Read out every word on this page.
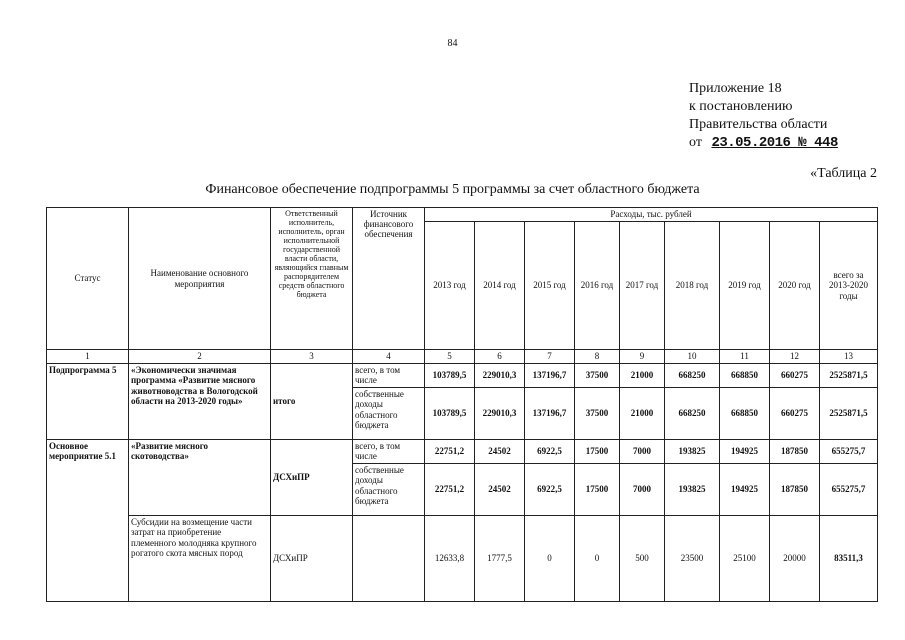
84
Приложение 18
к постановлению
Правительства области
от 23.05.2016 № 448
«Таблица 2
Финансовое обеспечение подпрограммы 5 программы за счет областного бюджета
Статус	Наименование основного мероприятия	Ответственный исполнитель, исполнитель, орган исполнительной государственной власти области, являющийся главным распорядителем средств областного бюджета	Источник финансового обеспечения	Расходы, тыс. рублей								
				2013 год	2014 год	2015 год	2016 год	2017 год	2018 год	2019 год	2020 год	всего за 2013-2020 годы
1	2	3	4	5	6	7	8	9	10	11	12	13
Подпрограмма 5	«Экономически значимая программа «Развитие мясного животноводства в Вологодской области на 2013-2020 годы»	итого	всего, в том числе	103789,5	229010,3	137196,7	37500	21000	668250	668850	660275	2525871,5
			собственные доходы областного бюджета	103789,5	229010,3	137196,7	37500	21000	668250	668850	660275	2525871,5
Основное мероприятие 5.1	«Развитие мясного скотоводства»	ДСХиПР	всего, в том числе	22751,2	24502	6922,5	17500	7000	193825	194925	187850	655275,7
			собственные доходы областного бюджета	22751,2	24502	6922,5	17500	7000	193825	194925	187850	655275,7
	Субсидии на возмещение части затрат на приобретение племенного молодняка крупного рогатого скота мясных пород	ДСХиПР		12633,8	1777,5	0	0	500	23500	25100	20000	83511,3
